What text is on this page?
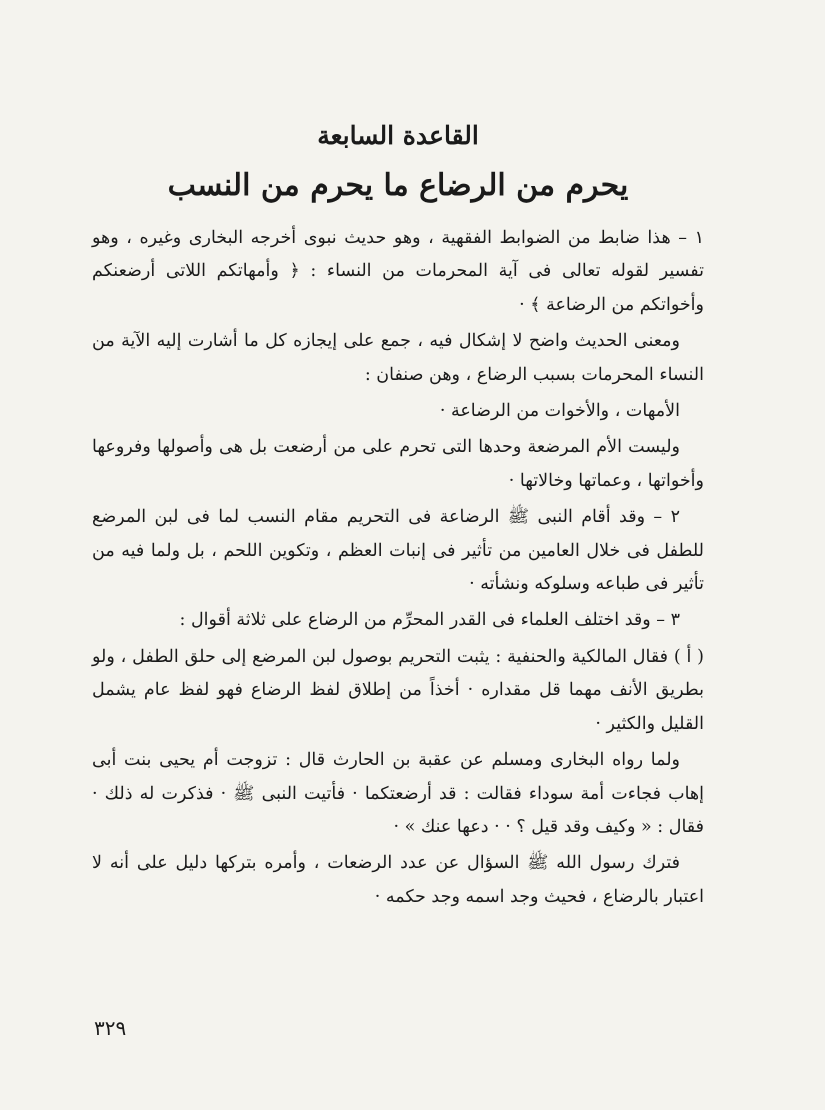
القاعدة السابعة
يحرم من الرضاع ما يحرم من النسب

١ – هذا ضابط من الضوابط الفقهية ، وهو حديث نبوى أخرجه البخارى وغيره ، وهو تفسير لقوله تعالى فى آية المحرمات من النساء : ﴿ وأمهاتكم اللاتى أرضعنكم وأخواتكم من الرضاعة ﴾ ·

ومعنى الحديث واضح لا إشكال فيه ، جمع على إيجازه كل ما أشارت إليه الآية من النساء المحرمات بسبب الرضاع ، وهن صنفان :

الأمهات ، والأخوات من الرضاعة ·

وليست الأم المرضعة وحدها التى تحرم على من أرضعت بل هى وأصولها وفروعها وأخواتها ، وعماتها وخالاتها ·

٢ – وقد أقام النبى ﷺ الرضاعة فى التحريم مقام النسب لما فى لبن المرضع للطفل فى خلال العامين من تأثير فى إنبات العظم ، وتكوين اللحم ، بل ولما فيه من تأثير فى طباعه وسلوكه ونشأته ·

٣ – وقد اختلف العلماء فى القدر المحرِّم من الرضاع على ثلاثة أقوال :

( أ ) فقال المالكية والحنفية : يثبت التحريم بوصول لبن المرضع إلى حلق الطفل ، ولو بطريق الأنف مهما قل مقداره · أخذاً من إطلاق لفظ الرضاع فهو لفظ عام يشمل القليل والكثير ·

ولما رواه البخارى ومسلم عن عقبة بن الحارث قال : تزوجت أم يحيى بنت أبى إهاب فجاءت أمة سوداء فقالت : قد أرضعتكما · فأتيت النبى ﷺ · فذكرت له ذلك · فقال : « وكيف وقد قيل ؟ · · دعها عنك » ·

فترك رسول الله ﷺ السؤال عن عدد الرضعات ، وأمره بتركها دليل على أنه لا اعتبار بالرضاع ، فحيث وجد اسمه وجد حكمه ·

٣٢٩
